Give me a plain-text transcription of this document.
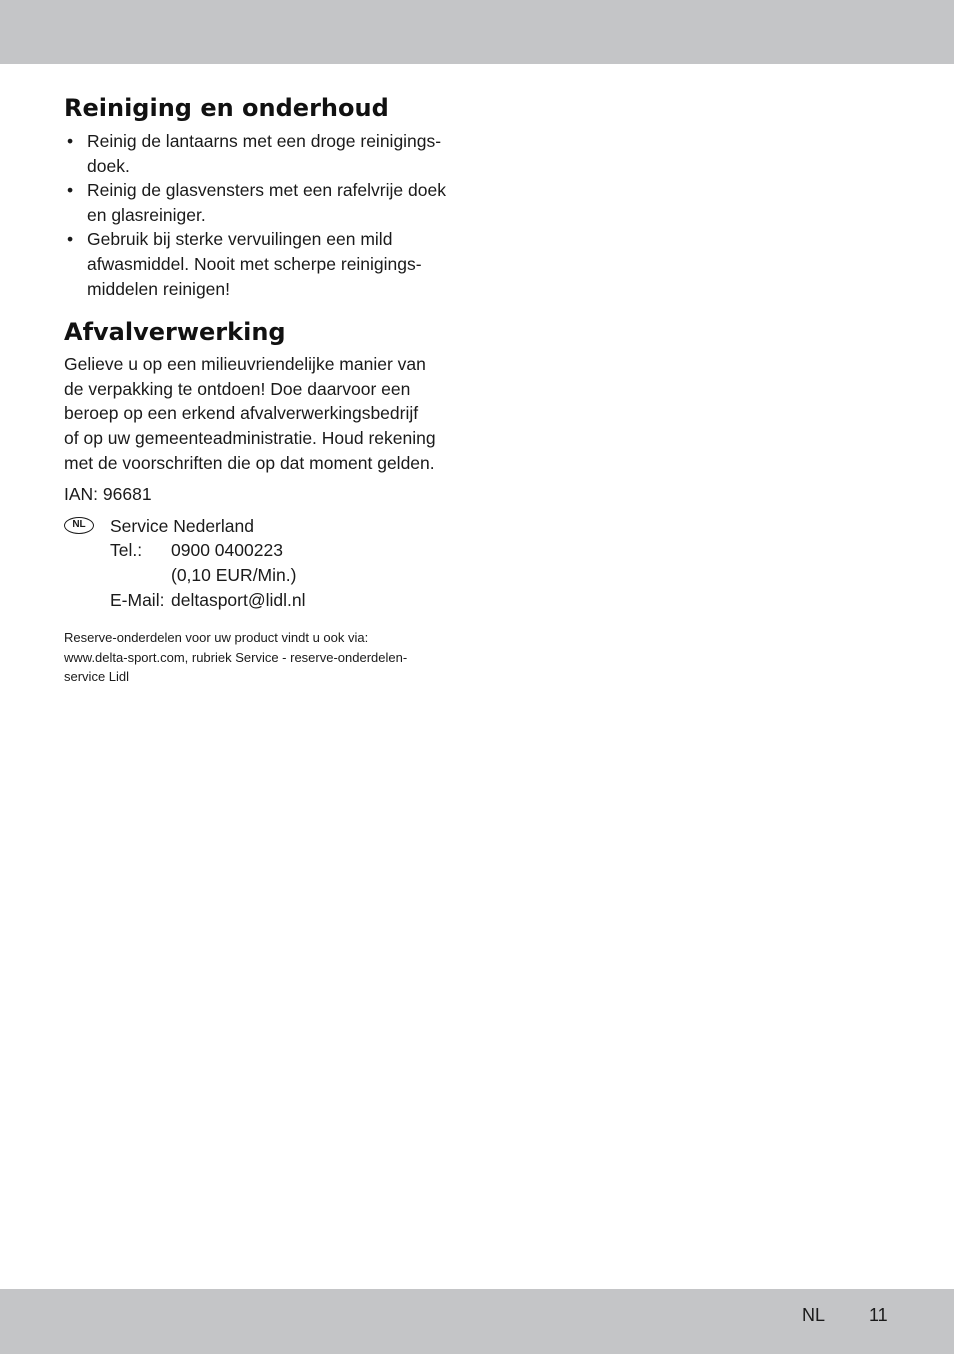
Reiniging en onderhoud
• Reinig de lantaarns met een droge reinigings-
doek.
• Reinig de glasvensters met een rafelvrije doek
en glasreiniger.
• Gebruik bij sterke vervuilingen een mild
afwasmiddel. Nooit met scherpe reinigings-
middelen reinigen!
Afvalverwerking

Gelieve u op een milieuvriendelijke manier van
de verpakking te ontdoen! Doe daarvoor een
beroep op een erkend afvalverwerkingsbedrijf
of op uw gemeenteadministratie. Houd rekening
met de voorschriften die op dat moment gelden.

IAN: 96681
NL	Service Nederland
Tel.:	0900 0400223
(0,10 EUR/Min.)
E-Mail: deltasport@lidl.nl
Reserve-onderdelen voor uw product vindt u ook via:
www.delta-sport.com, rubriek Service - reserve-onderdelen-
service Lidl
NL 11
